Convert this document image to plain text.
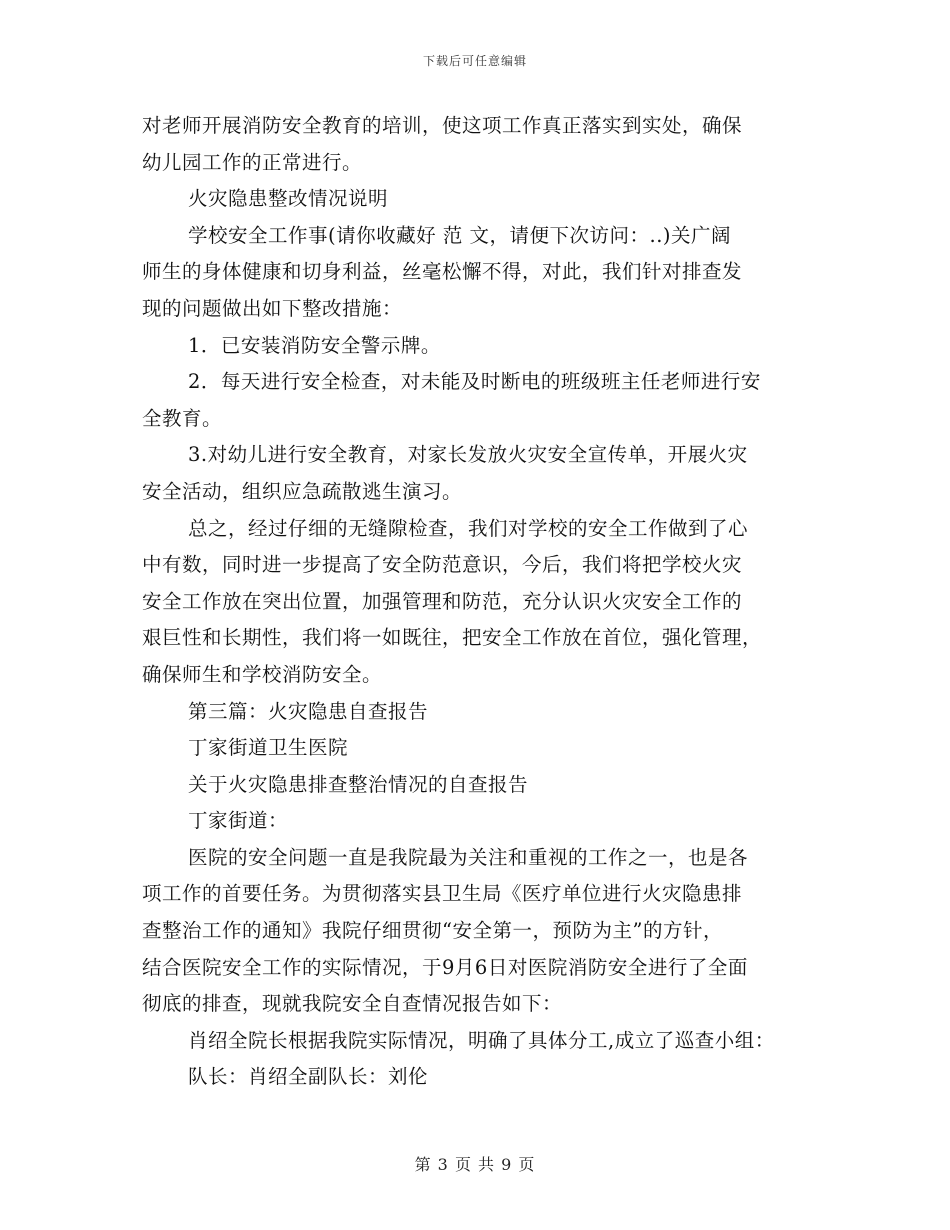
下载后可任意编辑
对老师开展消防安全教育的培训，使这项工作真正落实到实处，确保
幼儿园工作的正常进行。
火灾隐患整改情况说明
学校安全工作事(请你收藏好 范 文，请便下次访问：..)关广阔
师生的身体健康和切身利益，丝毫松懈不得，对此，我们针对排查发
现的问题做出如下整改措施：
1．已安装消防安全警示牌。
2．每天进行安全检查，对未能及时断电的班级班主任老师进行安
全教育。
3.对幼儿进行安全教育，对家长发放火灾安全宣传单，开展火灾
安全活动，组织应急疏散逃生演习。
总之，经过仔细的无缝隙检查，我们对学校的安全工作做到了心
中有数，同时进一步提高了安全防范意识，今后，我们将把学校火灾
安全工作放在突出位置，加强管理和防范，充分认识火灾安全工作的
艰巨性和长期性，我们将一如既往，把安全工作放在首位，强化管理，
确保师生和学校消防安全。
第三篇：火灾隐患自查报告
丁家街道卫生医院
关于火灾隐患排查整治情况的自查报告
丁家街道：
医院的安全问题一直是我院最为关注和重视的工作之一，也是各
项工作的首要任务。为贯彻落实县卫生局《医疗单位进行火灾隐患排
查整治工作的通知》我院仔细贯彻“安全第一，预防为主”的方针，
结合医院安全工作的实际情况，于9月6日对医院消防安全进行了全面
彻底的排查，现就我院安全自查情况报告如下：
肖绍全院长根据我院实际情况，明确了具体分工,成立了巡查小组：
队长：肖绍全副队长：刘伦
第 3 页 共 9 页
